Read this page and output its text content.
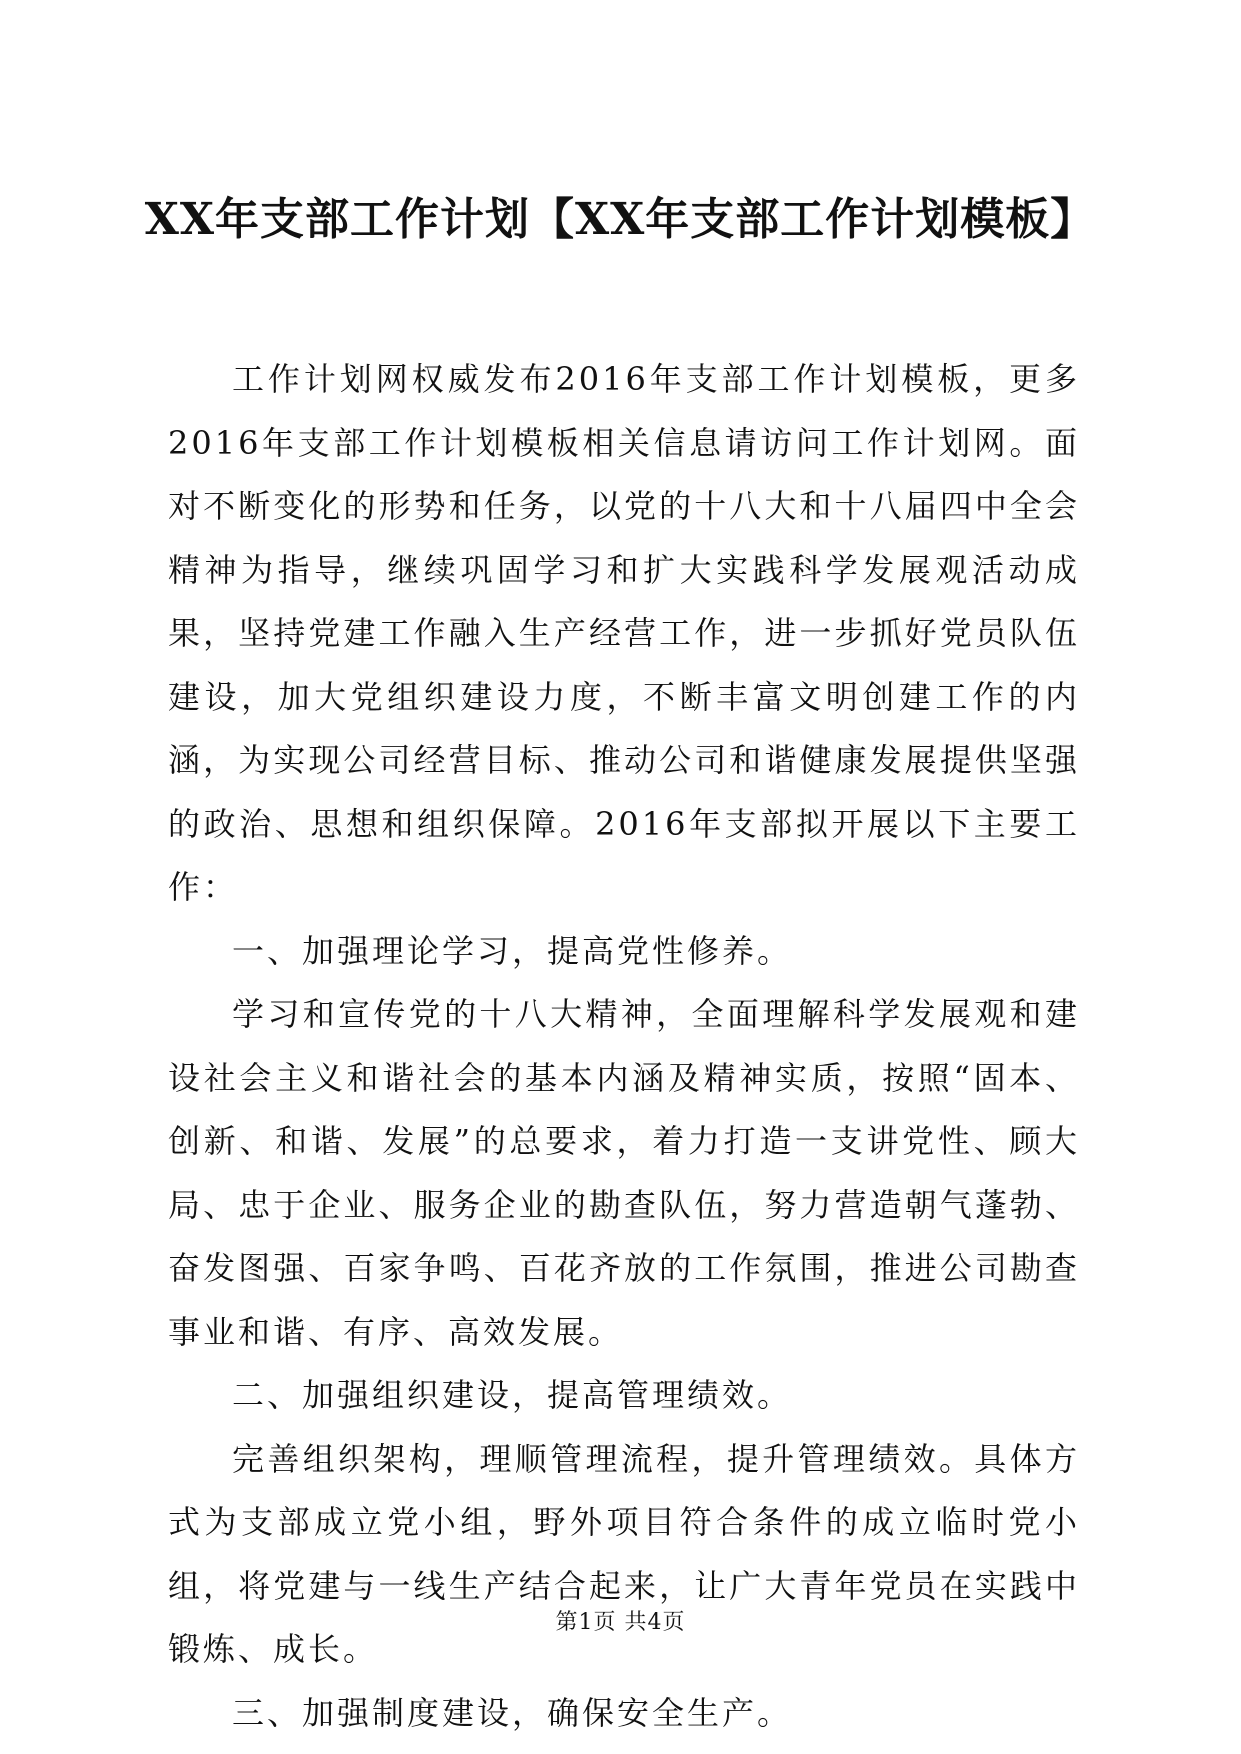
XX年支部工作计划【XX年支部工作计划模板】

工作计划网权威发布2016年支部工作计划模板，更多2016年支部工作计划模板相关信息请访问工作计划网。面对不断变化的形势和任务，以党的十八大和十八届四中全会精神为指导，继续巩固学习和扩大实践科学发展观活动成果，坚持党建工作融入生产经营工作，进一步抓好党员队伍建设，加大党组织建设力度，不断丰富文明创建工作的内涵，为实现公司经营目标、推动公司和谐健康发展提供坚强的政治、思想和组织保障。2016年支部拟开展以下主要工作：

一、加强理论学习，提高党性修养。

学习和宣传党的十八大精神，全面理解科学发展观和建设社会主义和谐社会的基本内涵及精神实质，按照“固本、创新、和谐、发展”的总要求，着力打造一支讲党性、顾大局、忠于企业、服务企业的勘查队伍，努力营造朝气蓬勃、奋发图强、百家争鸣、百花齐放的工作氛围，推进公司勘查事业和谐、有序、高效发展。

二、加强组织建设，提高管理绩效。

完善组织架构，理顺管理流程，提升管理绩效。具体方式为支部成立党小组，野外项目符合条件的成立临时党小组，将党建与一线生产结合起来，让广大青年党员在实践中锻炼、成长。

三、加强制度建设，确保安全生产。

第1页 共4页
